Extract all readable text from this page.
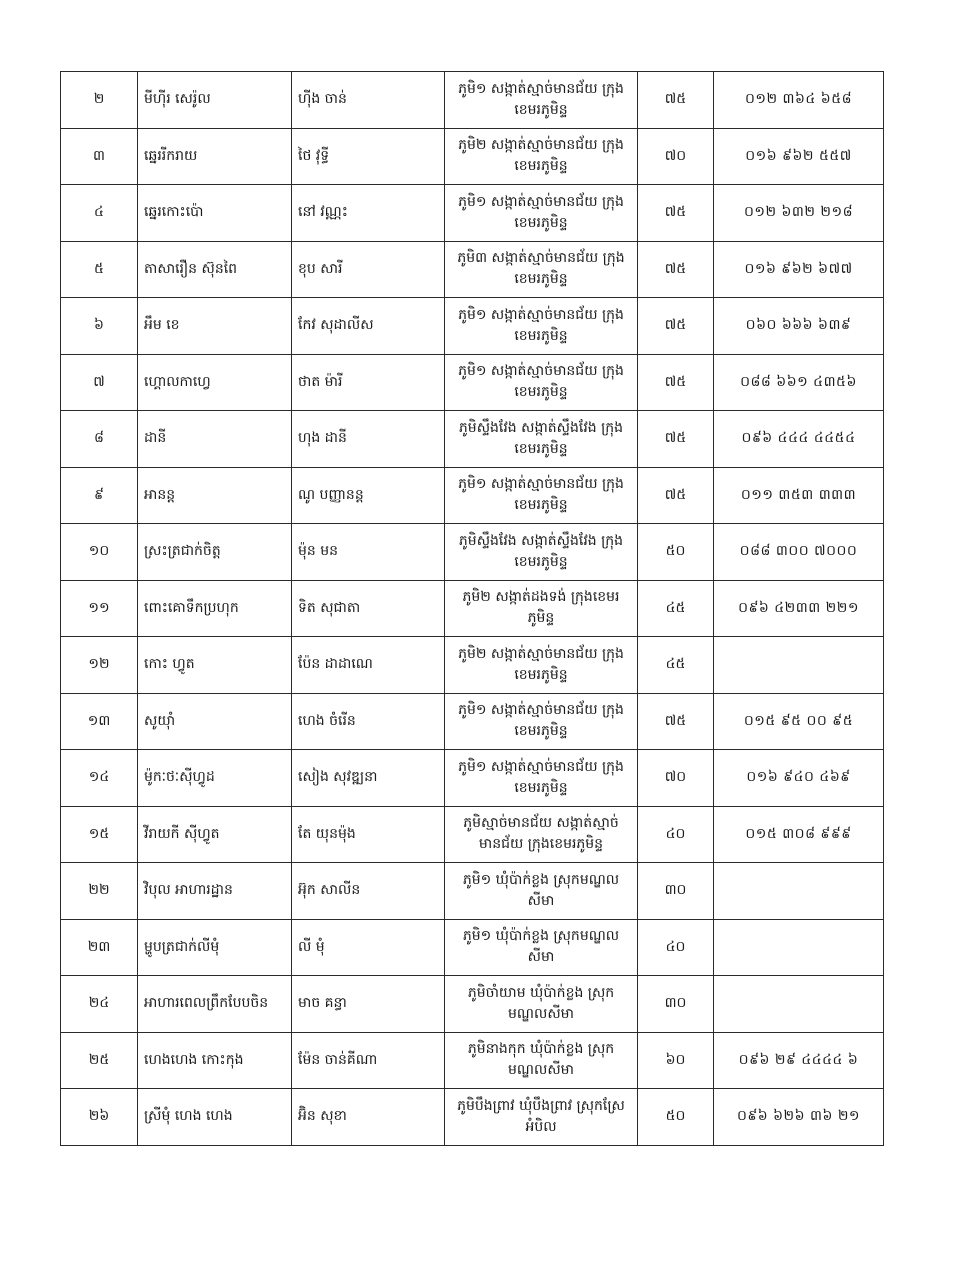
២	មីហ៊ីរ សេរ៉ូល	ហ៊ីង ចាន់	ភូមិ១ សង្កាត់ស្មាច់មានជ័យ ក្រុងខេមរភូមិន្ទ	៧៥	០១២ ៣៦៤ ៦៥៨
៣	ឆ្នេររីករាយ	ថៃ វុទ្ធី	ភូមិ២ សង្កាត់ស្មាច់មានជ័យ ក្រុងខេមរភូមិន្ទ	៧០	០១៦ ៩៦២ ៥៥៧
៤	ឆ្នេរកោះប៉ោ	នៅ វណ្ណះ	ភូមិ១ សង្កាត់ស្មាច់មានជ័យ ក្រុងខេមរភូមិន្ទ	៧៥	០១២ ៦៣២ ២១៨
៥	តាសារឿន ស៊ុនពៃ	ខុប សារី	ភូមិ៣ សង្កាត់ស្មាច់មានជ័យ ក្រុងខេមរភូមិន្ទ	៧៥	០១៦ ៩៦២ ៦៧៧
៦	អឹម ខេ	កែវ សុដាលីស	ភូមិ១ សង្កាត់ស្មាច់មានជ័យ ក្រុងខេមរភូមិន្ទ	៧៥	០៦០ ៦៦៦ ៦៣៩
៧	ហ្គោលកាហ្វេ	ថាត ម៉ារី	ភូមិ១ សង្កាត់ស្មាច់មានជ័យ ក្រុងខេមរភូមិន្ទ	៧៥	០៨៨ ៦៦១ ៤៣៥៦
៨	ដានី	ហុង ដានី	ភូមិស្ទឹងវែង សង្កាត់ស្ទឹងវែង ក្រុងខេមរភូមិន្ទ	៧៥	០៩៦ ៤៤៤ ៤៤៥៤
៩	អានន្ត	ណូ បញ្ញានន្ត	ភូមិ១ សង្កាត់ស្មាច់មានជ័យ ក្រុងខេមរភូមិន្ទ	៧៥	០១១ ៣៥៣ ៣៣៣
១០	ស្រះត្រជាក់ចិត្ត	ម៉ុន មន	ភូមិស្ទឹងវែង សង្កាត់ស្ទឹងវែង ក្រុងខេមរភូមិន្ទ	៥០	០៨៨ ៣០០ ៧០០០
១១	ពោះគោទឹកប្រហុក	ទិត សុជាតា	ភូមិ២ សង្កាត់ដងទង់ ក្រុងខេមរភូមិន្ទ	៤៥	០៩៦ ៤២៣៣ ២២១
១២	កោះ ហ្វូត	ប៉ែន ដាដាណេ	ភូមិ២ សង្កាត់ស្មាច់មានជ័យ ក្រុងខេមរភូមិន្ទ	៤៥	
១៣	សូយ៉ាំ	ហេង ចំរើន	ភូមិ១ សង្កាត់ស្មាច់មានជ័យ ក្រុងខេមរភូមិន្ទ	៧៥	០១៥ ៩៥ ០០ ៩៥
១៤	ម៉ូកៈថៈស៊ីហ្វូដ	សៀង សុវឌ្ឍនា	ភូមិ១ សង្កាត់ស្មាច់មានជ័យ ក្រុងខេមរភូមិន្ទ	៧០	០១៦ ៩៤០ ៤៦៩
១៥	វីរាយកី ស៊ីហ្វូត	តែ យុនម៉ុង	ភូមិស្មាច់មានជ័យ សង្កាត់ស្មាច់មានជ័យ ក្រុងខេមរភូមិន្ទ	៤០	០១៥ ៣០៨ ៩៩៩
២២	វិបុល អាហារដ្ឋាន	អ៊ុក សាលីន	ភូមិ១ ឃុំប៉ាក់ខ្លង ស្រុកមណ្ឌលសីមា	៣០	
២៣	ម្ហូបត្រជាក់លីមុំ	លី មុំ	ភូមិ១ ឃុំប៉ាក់ខ្លង ស្រុកមណ្ឌលសីមា	៤០	
២៤	អាហារពេលព្រឹកបែបចិន	មាច គន្ធា	ភូមិចាំយាម ឃុំប៉ាក់ខ្លង ស្រុកមណ្ឌលសីមា	៣០	
២៥	ហេងហេង កោះកុង	ម៉ែន ចាន់គីណា	ភូមិនាងកុក ឃុំប៉ាក់ខ្លង ស្រុកមណ្ឌលសីមា	៦០	០៩៦ ២៩ ៤៤៤៤ ៦
២៦	ស្រីមុំ ហេង ហេង	អ៊ិន សុខា	ភូមិបឹងព្រាវ ឃុំបឹងព្រាវ ស្រុកស្រែអំបិល	៥០	០៩៦ ៦២៦ ៣៦ ២១
